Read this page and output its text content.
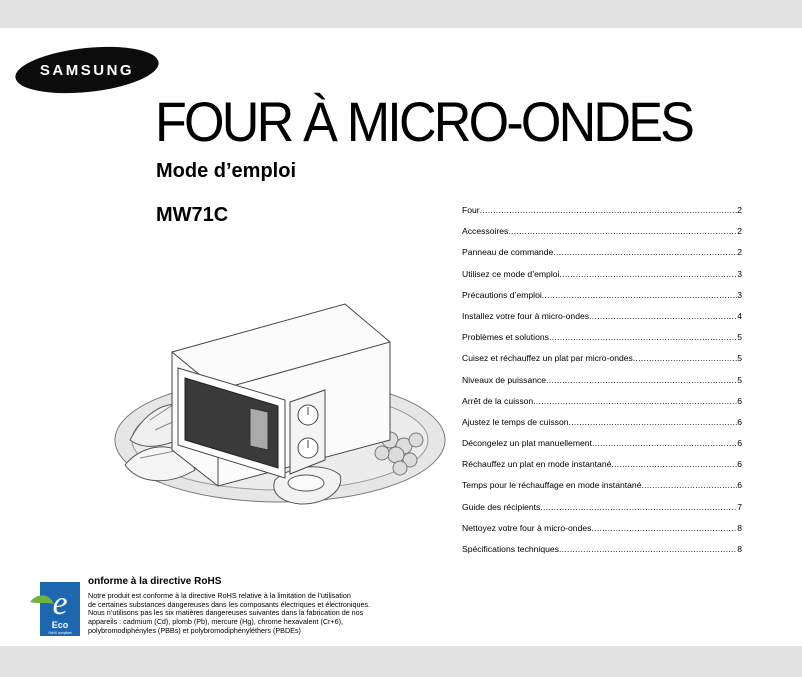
SAMSUNG
FOUR À MICRO-ONDES
Mode d’emploi
MW71C	Four .....	2
Accessoires .....	2
Panneau de commande .....	2
Utilisez ce mode d’emploi .....	3
Précautions d’emploi .....	3
Installez votre four à micro-ondes .....	4
Problèmes et solutions .....	5
Cuisez et réchauffez un plat par micro-ondes .....	5
Niveaux de puissance .....	5
Arrêt de la cuisson .....	6
Ajustez le temps de cuisson .....	6
Décongelez un plat manuellement .....	6
Réchauffez un plat en mode instantané .....	6
Temps pour le réchauffage en mode instantané .....	6
Guide des récipients .....	7
Nettoyez votre four à micro-ondes .....	8
Spécifications techniques .....	8
e
Eco
RoHS compliant
onforme à la directive RoHS
Notre produit est conforme à la directive RoHS relative à la limitation de l’utilisation
de certaines substances dangereuses dans les composants électriques et électroniques.
Nous n’utilisons pas les six matières dangereuses suivantes dans la fabrication de nos
appareils : cadmium (Cd), plomb (Pb), mercure (Hg), chrome hexavalent (Cr+6),
polybromodiphényles (PBBs) et polybromodiphényléthers (PBDEs)
